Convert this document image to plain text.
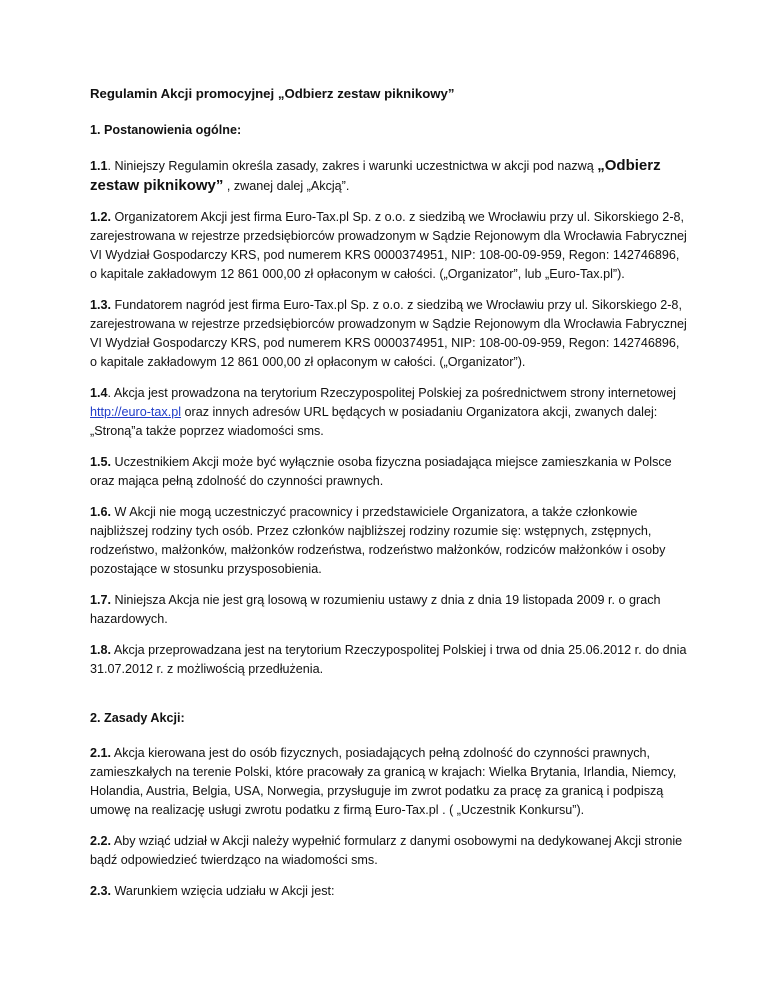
Regulamin Akcji promocyjnej „Odbierz zestaw piknikowy”
1. Postanowienia ogólne:

1.1. Niniejszy Regulamin określa zasady, zakres i warunki uczestnictwa w akcji pod nazwą „Odbierz zestaw piknikowy” , zwanej dalej „Akcją”.

1.2. Organizatorem Akcji jest firma Euro-Tax.pl Sp. z o.o. z siedzibą we Wrocławiu przy ul. Sikorskiego 2-8, zarejestrowana w rejestrze przedsiębiorców prowadzonym w Sądzie Rejonowym dla Wrocławia Fabrycznej VI Wydział Gospodarczy KRS, pod numerem KRS 0000374951, NIP: 108-00-09-959, Regon: 142746896, o kapitale zakładowym 12 861 000,00 zł opłaconym w całości. („Organizator”, lub „Euro-Tax.pl”).

1.3. Fundatorem nagród jest firma Euro-Tax.pl Sp. z o.o. z siedzibą we Wrocławiu przy ul. Sikorskiego 2-8, zarejestrowana w rejestrze przedsiębiorców prowadzonym w Sądzie Rejonowym dla Wrocławia Fabrycznej VI Wydział Gospodarczy KRS, pod numerem KRS 0000374951, NIP: 108-00-09-959, Regon: 142746896, o kapitale zakładowym 12 861 000,00 zł opłaconym w całości. („Organizator”).

1.4. Akcja jest prowadzona na terytorium Rzeczypospolitej Polskiej za pośrednictwem strony internetowej http://euro-tax.pl oraz innych adresów URL będących w posiadaniu Organizatora akcji, zwanych dalej: „Stroną”a także poprzez wiadomości sms.

1.5. Uczestnikiem Akcji może być wyłącznie osoba fizyczna posiadająca miejsce zamieszkania w Polsce oraz mająca pełną zdolność do czynności prawnych.

1.6. W Akcji nie mogą uczestniczyć pracownicy i przedstawiciele Organizatora, a także członkowie najbliższej rodziny tych osób. Przez członków najbliższej rodziny rozumie się: wstępnych, zstępnych, rodzeństwo, małżonków, małżonków rodzeństwa, rodzeństwo małżonków, rodziców małżonków i osoby pozostające w stosunku przysposobienia.

1.7. Niniejsza Akcja nie jest grą losową w rozumieniu ustawy z dnia z dnia 19 listopada 2009 r. o grach hazardowych.

1.8. Akcja przeprowadzana jest na terytorium Rzeczypospolitej Polskiej i trwa od dnia 25.06.2012 r. do dnia 31.07.2012 r. z możliwością przedłużenia.

2. Zasady Akcji:

2.1. Akcja kierowana jest do osób fizycznych, posiadających pełną zdolność do czynności prawnych, zamieszkałych na terenie Polski, które pracowały za granicą w krajach: Wielka Brytania, Irlandia, Niemcy, Holandia, Austria, Belgia, USA, Norwegia, przysługuje im zwrot podatku za pracę za granicą i podpiszą umowę na realizację usługi zwrotu podatku z firmą Euro-Tax.pl . ( „Uczestnik Konkursu”).

2.2. Aby wziąć udział w Akcji należy wypełnić formularz z danymi osobowymi na dedykowanej Akcji stronie bądź odpowiedzieć twierdząco na wiadomości sms.

2.3. Warunkiem wzięcia udziału w Akcji jest:
